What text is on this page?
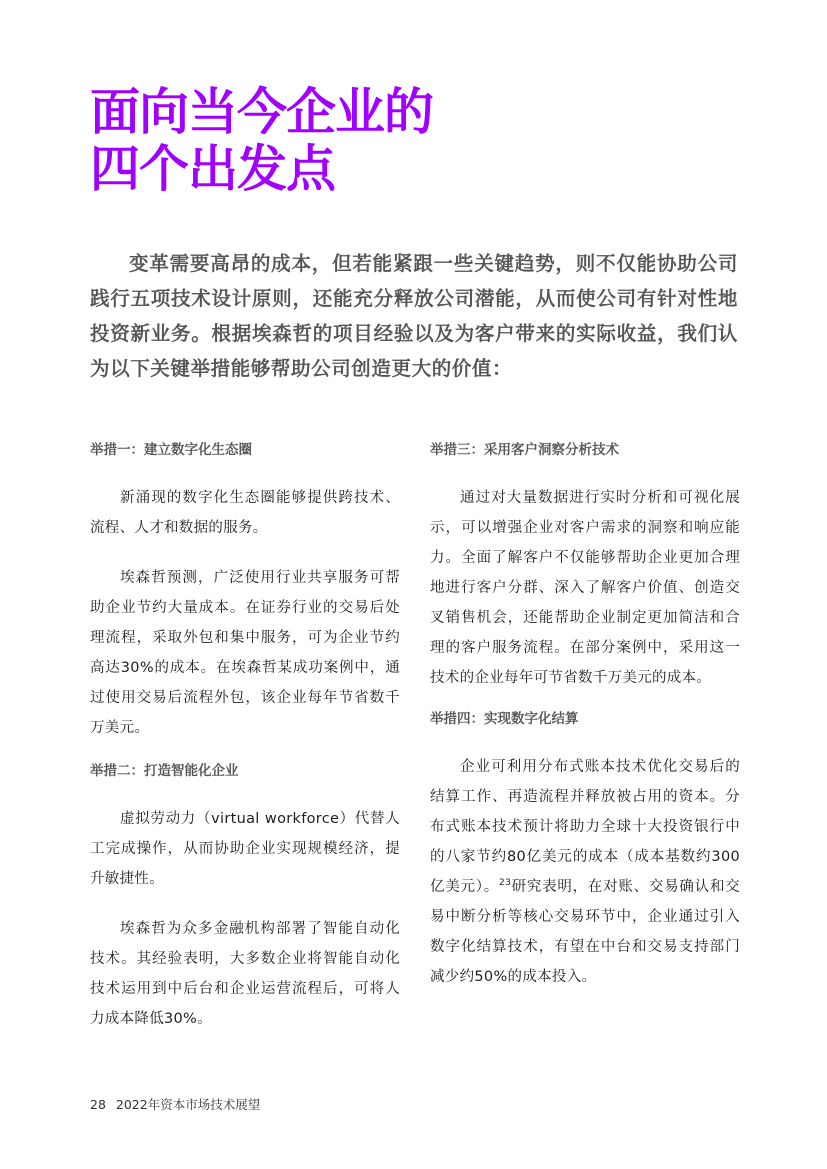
面向当今企业的
四个出发点

变革需要高昂的成本，但若能紧跟一些关键趋势，则不仅能协助公司践行五项技术设计原则，还能充分释放公司潜能，从而使公司有针对性地投资新业务。根据埃森哲的项目经验以及为客户带来的实际收益，我们认为以下关键举措能够帮助公司创造更大的价值：

举措一：建立数字化生态圈

新涌现的数字化生态圈能够提供跨技术、流程、人才和数据的服务。

埃森哲预测，广泛使用行业共享服务可帮助企业节约大量成本。在证券行业的交易后处理流程，采取外包和集中服务，可为企业节约高达30%的成本。在埃森哲某成功案例中，通过使用交易后流程外包，该企业每年节省数千万美元。

举措二：打造智能化企业

虚拟劳动力（virtual workforce）代替人工完成操作，从而协助企业实现规模经济，提升敏捷性。

埃森哲为众多金融机构部署了智能自动化技术。其经验表明，大多数企业将智能自动化技术运用到中后台和企业运营流程后，可将人力成本降低30%。

举措三：采用客户洞察分析技术

通过对大量数据进行实时分析和可视化展示，可以增强企业对客户需求的洞察和响应能力。全面了解客户不仅能够帮助企业更加合理地进行客户分群、深入了解客户价值、创造交叉销售机会，还能帮助企业制定更加简洁和合理的客户服务流程。在部分案例中，采用这一技术的企业每年可节省数千万美元的成本。

举措四：实现数字化结算

企业可利用分布式账本技术优化交易后的结算工作、再造流程并释放被占用的资本。分布式账本技术预计将助力全球十大投资银行中的八家节约80亿美元的成本（成本基数约300亿美元）。$^{23}$研究表明，在对账、交易确认和交易中断分析等核心交易环节中，企业通过引入数字化结算技术，有望在中台和交易支持部门减少约50%的成本投入。

28 2022年资本市场技术展望
